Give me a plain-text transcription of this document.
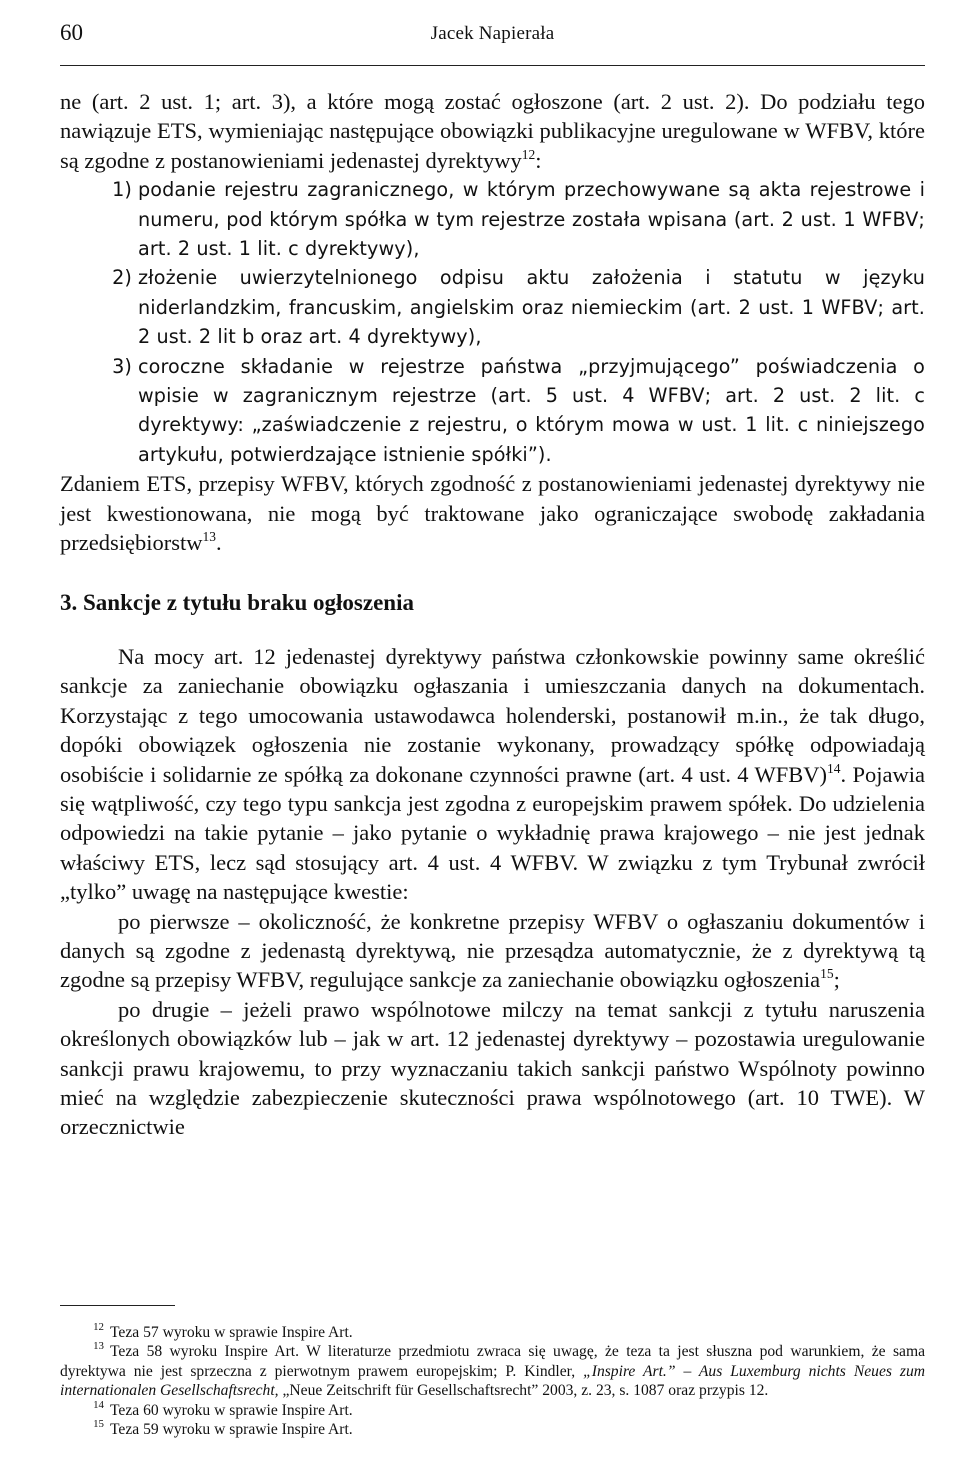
60	Jacek Napierała

ne (art. 2 ust. 1; art. 3), a które mogą zostać ogłoszone (art. 2 ust. 2). Do podziału tego nawiązuje ETS, wymieniając następujące obowiązki publikacyjne uregulowane w WFBV, które są zgodne z postanowieniami jedenastej dyrektywy$^{12}$:

1) podanie rejestru zagranicznego, w którym przechowywane są akta rejestrowe i numeru, pod którym spółka w tym rejestrze została wpisana (art. 2 ust. 1 WFBV; art. 2 ust. 1 lit. c dyrektywy),
2) złożenie uwierzytelnionego odpisu aktu założenia i statutu w języku niderlandzkim, francuskim, angielskim oraz niemieckim (art. 2 ust. 1 WFBV; art. 2 ust. 2 lit b oraz art. 4 dyrektywy),
3) coroczne składanie w rejestrze państwa „przyjmującego” poświadczenia o wpisie w zagranicznym rejestrze (art. 5 ust. 4 WFBV; art. 2 ust. 2 lit. c dyrektywy: „zaświadczenie z rejestru, o którym mowa w ust. 1 lit. c niniejszego artykułu, potwierdzające istnienie spółki”).

Zdaniem ETS, przepisy WFBV, których zgodność z postanowieniami jedenastej dyrektywy nie jest kwestionowana, nie mogą być traktowane jako ograniczające swobodę zakładania przedsiębiorstw$^{13}$.

3. Sankcje z tytułu braku ogłoszenia

Na mocy art. 12 jedenastej dyrektywy państwa członkowskie powinny same określić sankcje za zaniechanie obowiązku ogłaszania i umieszczania danych na dokumentach. Korzystając z tego umocowania ustawodawca holenderski, postanowił m.in., że tak długo, dopóki obowiązek ogłoszenia nie zostanie wykonany, prowadzący spółkę odpowiadają osobiście i solidarnie ze spółką za dokonane czynności prawne (art. 4 ust. 4 WFBV)$^{14}$. Pojawia się wątpliwość, czy tego typu sankcja jest zgodna z europejskim prawem spółek. Do udzielenia odpowiedzi na takie pytanie – jako pytanie o wykładnię prawa krajowego – nie jest jednak właściwy ETS, lecz sąd stosujący art. 4 ust. 4 WFBV. W związku z tym Trybunał zwrócił „tylko” uwagę na następujące kwestie:

po pierwsze – okoliczność, że konkretne przepisy WFBV o ogłaszaniu dokumentów i danych są zgodne z jedenastą dyrektywą, nie przesądza automatycznie, że z dyrektywą tą zgodne są przepisy WFBV, regulujące sankcje za zaniechanie obowiązku ogłoszenia$^{15}$;

po drugie – jeżeli prawo wspólnotowe milczy na temat sankcji z tytułu naruszenia określonych obowiązków lub – jak w art. 12 jedenastej dyrektywy – pozostawia uregulowanie sankcji prawu krajowemu, to przy wyznaczaniu takich sankcji państwo Wspólnoty powinno mieć na względzie zabezpieczenie skuteczności prawa wspólnotowego (art. 10 TWE). W orzecznictwie

$^{12}$ Teza 57 wyroku w sprawie Inspire Art.
$^{13}$ Teza 58 wyroku Inspire Art. W literaturze przedmiotu zwraca się uwagę, że teza ta jest słuszna pod warunkiem, że sama dyrektywa nie jest sprzeczna z pierwotnym prawem europejskim; P. Kindler, „Inspire Art.” – Aus Luxemburg nichts Neues zum internationalen Gesellschaftsrecht, „Neue Zeitschrift für Gesellschaftsrecht” 2003, z. 23, s. 1087 oraz przypis 12.
$^{14}$ Teza 60 wyroku w sprawie Inspire Art.
$^{15}$ Teza 59 wyroku w sprawie Inspire Art.
